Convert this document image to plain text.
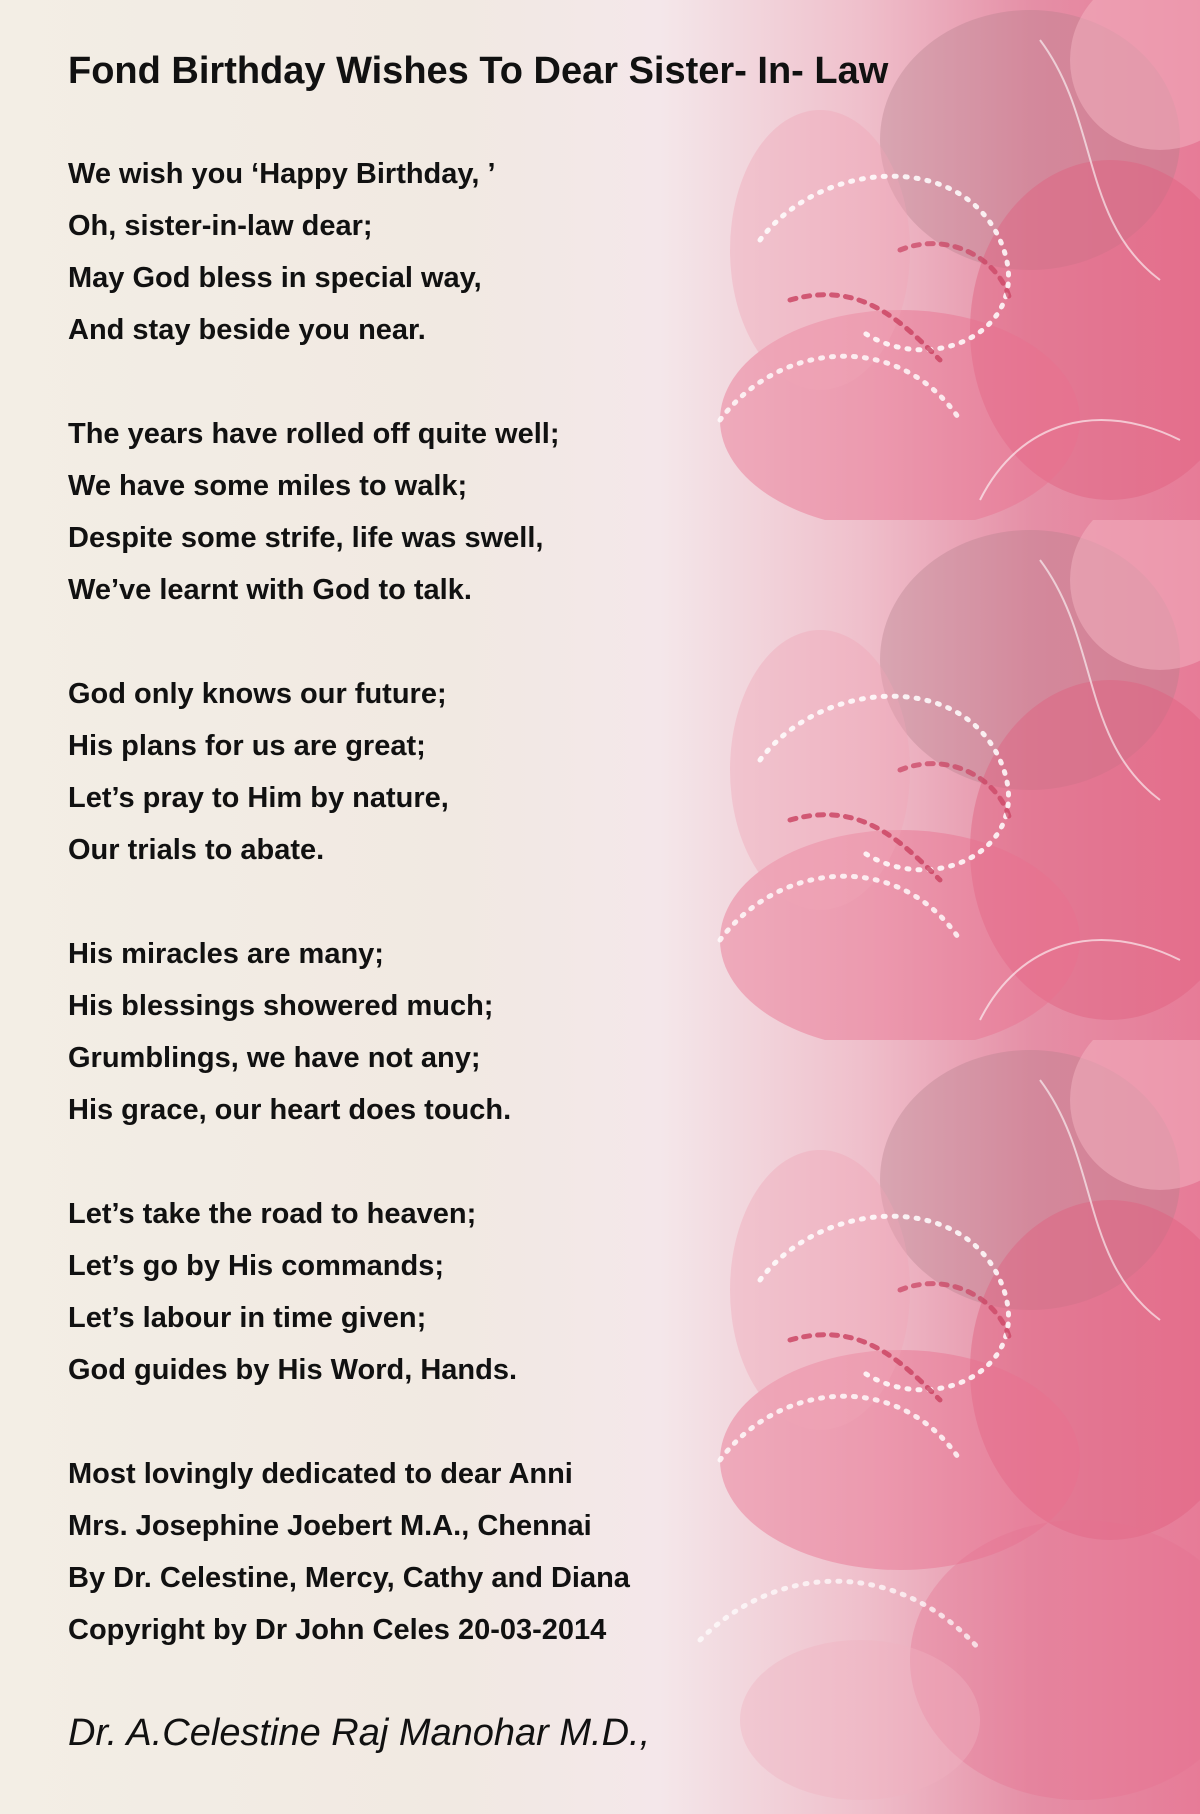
Fond Birthday Wishes To Dear Sister- In- Law
We wish you ‘Happy Birthday, ’
Oh, sister-in-law dear;
May God bless in special way,
And stay beside you near.
The years have rolled off quite well;
We have some miles to walk;
Despite some strife, life was swell,
We’ve learnt with God to talk.
God only knows our future;
His plans for us are great;
Let’s pray to Him by nature,
Our trials to abate.
His miracles are many;
His blessings showered much;
Grumblings, we have not any;
His grace, our heart does touch.
Let’s take the road to heaven;
Let’s go by His commands;
Let’s labour in time given;
God guides by His Word, Hands.
Most lovingly dedicated to dear Anni
Mrs. Josephine Joebert M.A., Chennai
By Dr. Celestine, Mercy, Cathy and Diana
Copyright by Dr John Celes 20-03-2014
Dr. A.Celestine Raj Manohar M.D.,
